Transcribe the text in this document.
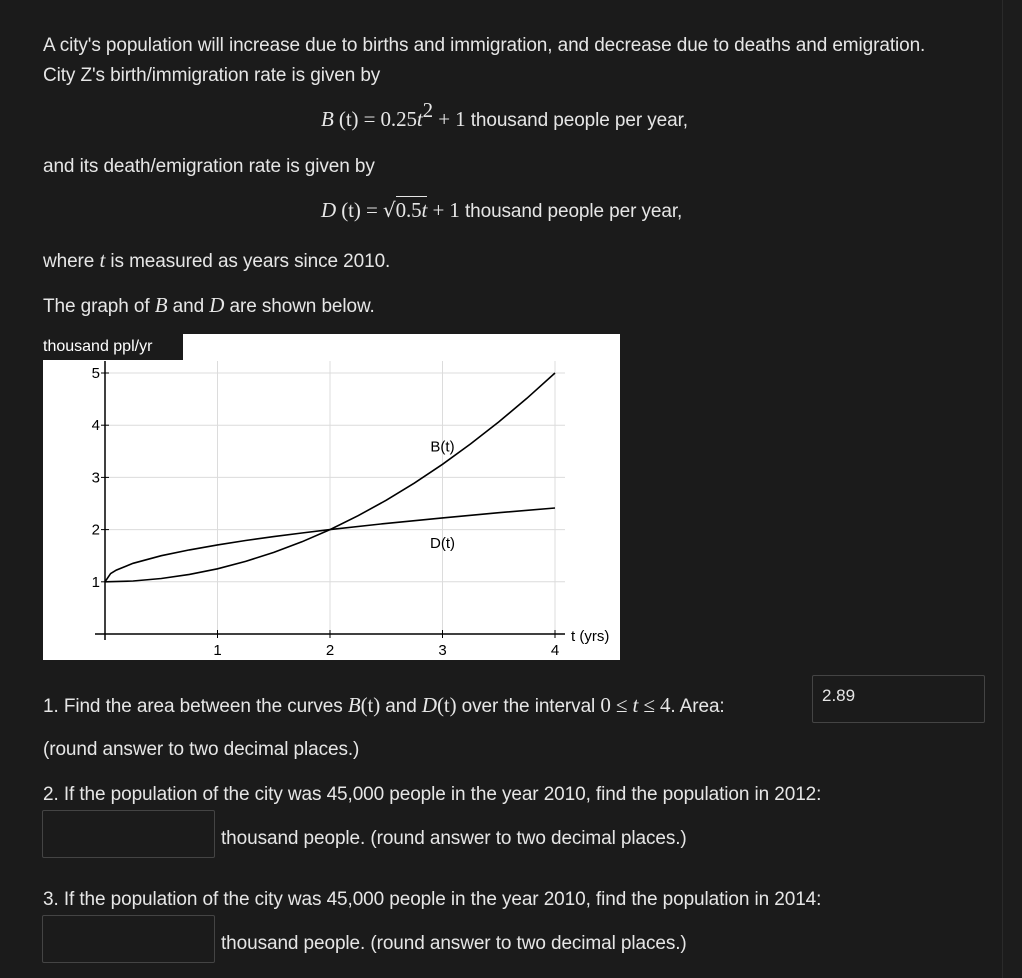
A city's population will increase due to births and immigration, and decrease due to deaths and emigration.
City Z's birth/immigration rate is given by
B $(t) = 0.25t^2 + 1$ thousand people per year,
and its death/emigration rate is given by
D (t) = √0.5t + 1 thousand people per year,
where t is measured as years since 2010.
The graph of B and D are shown below.
1	2	3	4
1
2
3
4
5
B(t)
D(t)
thousand ppl/yr
t (yrs)
1. Find the area between the curves B(t) and D(t) over the interval 0 ≤ t ≤ 4. Area:
2.89
(round answer to two decimal places.)
2. If the population of the city was 45,000 people in the year 2010, find the population in 2012:
thousand people. (round answer to two decimal places.)
3. If the population of the city was 45,000 people in the year 2010, find the population in 2014:
thousand people. (round answer to two decimal places.)
